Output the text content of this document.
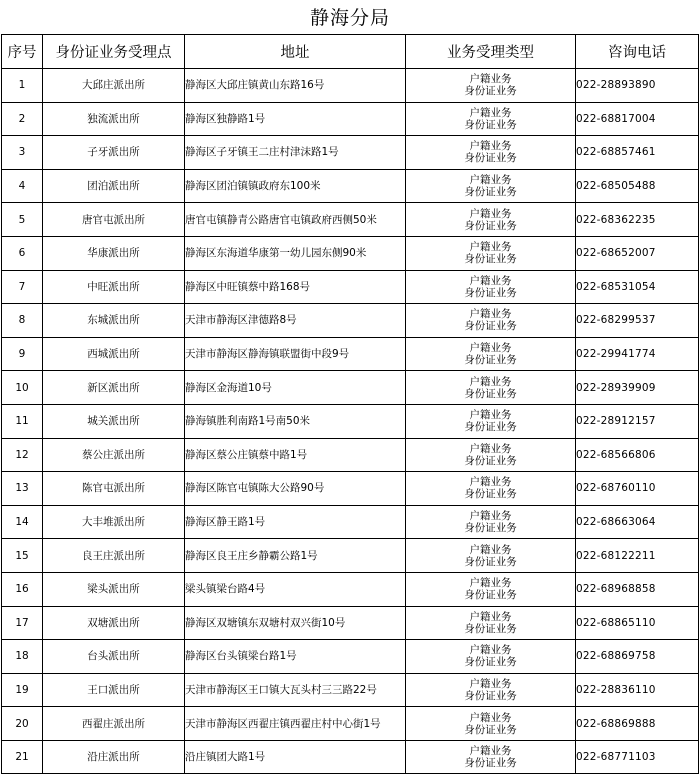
静海分局
序号	身份证业务受理点	地址	业务受理类型	咨询电话
1	大邱庄派出所	静海区大邱庄镇黄山东路16号	户籍业务
身份证业务	022-28893890
2	独流派出所	静海区独静路1号	户籍业务
身份证业务	022-68817004
3	子牙派出所	静海区子牙镇王二庄村津沫路1号	户籍业务
身份证业务	022-68857461
4	团泊派出所	静海区团泊镇镇政府东100米	户籍业务
身份证业务	022-68505488
5	唐官屯派出所	唐官屯镇静青公路唐官屯镇政府西侧50米	户籍业务
身份证业务	022-68362235
6	华康派出所	静海区东海道华康第一幼儿园东侧90米	户籍业务
身份证业务	022-68652007
7	中旺派出所	静海区中旺镇蔡中路168号	户籍业务
身份证业务	022-68531054
8	东城派出所	天津市静海区津德路8号	户籍业务
身份证业务	022-68299537
9	西城派出所	天津市静海区静海镇联盟街中段9号	户籍业务
身份证业务	022-29941774
10	新区派出所	静海区金海道10号	户籍业务
身份证业务	022-28939909
11	城关派出所	静海镇胜利南路1号南50米	户籍业务
身份证业务	022-28912157
12	蔡公庄派出所	静海区蔡公庄镇蔡中路1号	户籍业务
身份证业务	022-68566806
13	陈官屯派出所	静海区陈官屯镇陈大公路90号	户籍业务
身份证业务	022-68760110
14	大丰堆派出所	静海区静王路1号	户籍业务
身份证业务	022-68663064
15	良王庄派出所	静海区良王庄乡静霸公路1号	户籍业务
身份证业务	022-68122211
16	梁头派出所	梁头镇梁台路4号	户籍业务
身份证业务	022-68968858
17	双塘派出所	静海区双塘镇东双塘村双兴街10号	户籍业务
身份证业务	022-68865110
18	台头派出所	静海区台头镇梁台路1号	户籍业务
身份证业务	022-68869758
19	王口派出所	天津市静海区王口镇大瓦头村三三路22号	户籍业务
身份证业务	022-28836110
20	西翟庄派出所	天津市静海区西翟庄镇西翟庄村中心街1号	户籍业务
身份证业务	022-68869888
21	沿庄派出所	沿庄镇团大路1号	户籍业务
身份证业务	022-68771103
